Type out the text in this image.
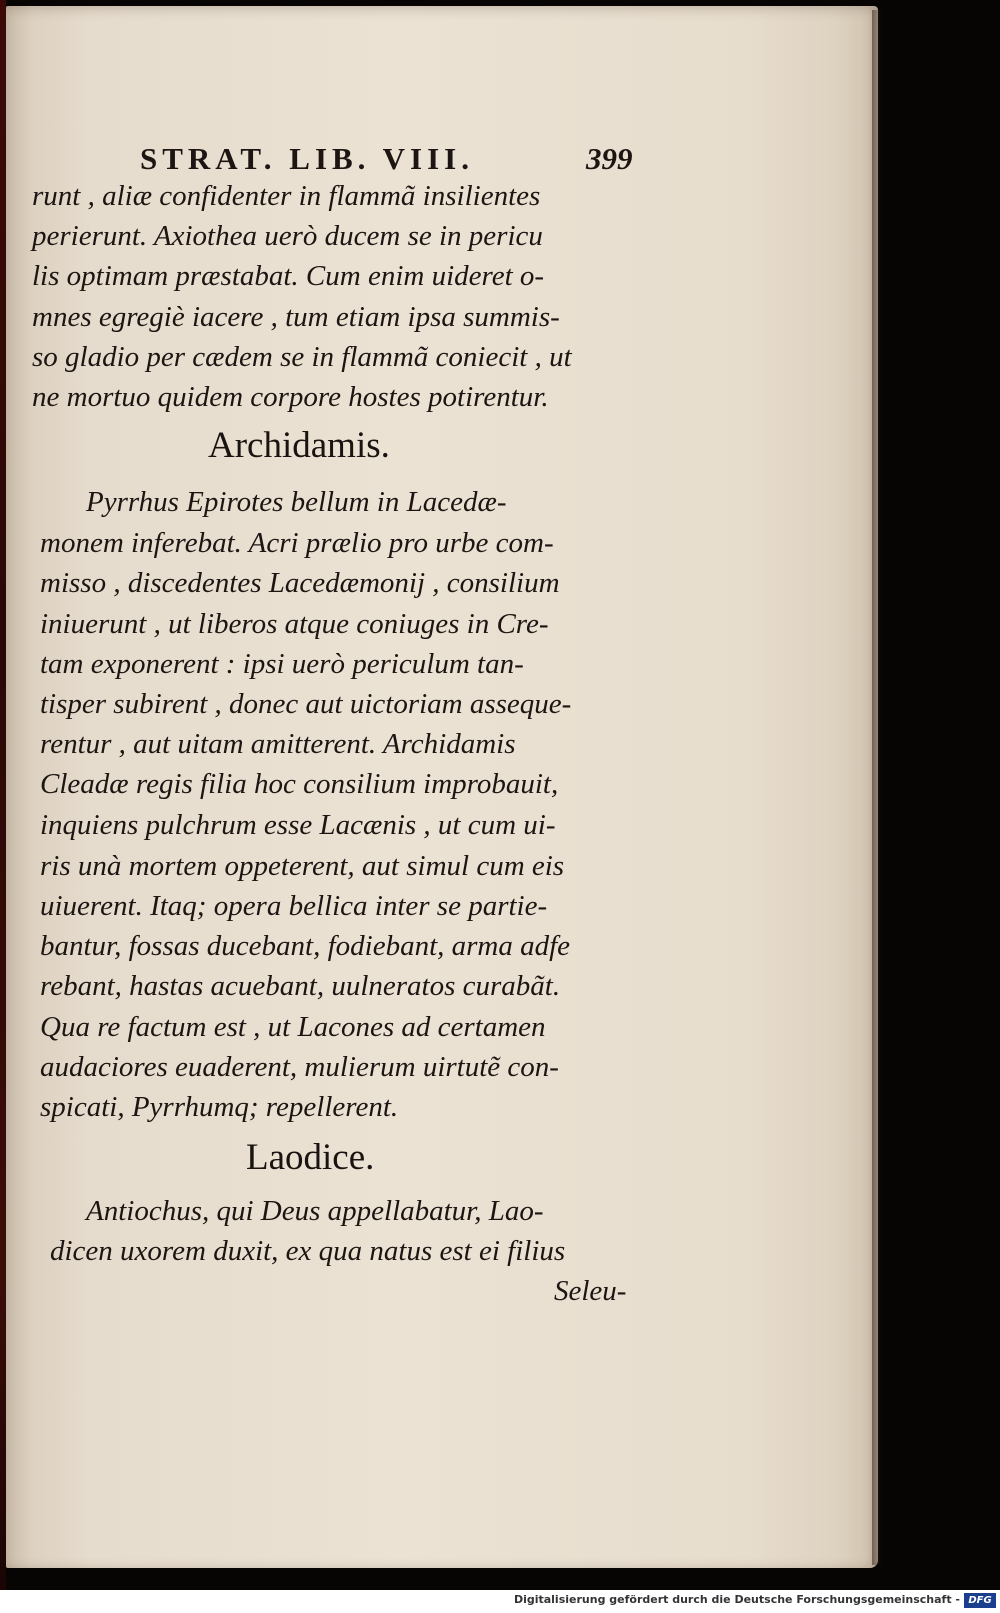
STRAT. LIB. VIII.	399
runt , aliæ confidenter in flammã insilientes
perierunt. Axiothea uerò ducem se in pericu
lis optimam præstabat. Cum enim uideret o-
mnes egregiè iacere , tum etiam ipsa summis-
so gladio per cædem se in flammã coniecit , ut
ne mortuo quidem corpore hostes potirentur.
Archidamis.
Pyrrhus Epirotes bellum in Lacedæ-
monem inferebat. Acri prælio pro urbe com-
misso , discedentes Lacedæmonij , consilium
iniuerunt , ut liberos atque coniuges in Cre-
tam exponerent : ipsi uerò periculum tan-
tisper subirent , donec aut uictoriam asseque-
rentur , aut uitam amitterent. Archidamis
Cleadæ regis filia hoc consilium improbauit,
inquiens pulchrum esse Lacænis , ut cum ui-
ris unà mortem oppeterent, aut simul cum eis
uiuerent. Itaq; opera bellica inter se partie-
bantur, fossas ducebant, fodiebant, arma adfe
rebant, hastas acuebant, uulneratos curabãt.
Qua re factum est , ut Lacones ad certamen
audaciores euaderent, mulierum uirtutẽ con-
spicati, Pyrrhumq; repellerent.
Laodice.
Antiochus, qui Deus appellabatur, Lao-
dicen uxorem duxit, ex qua natus est ei filius
Seleu-
Digitalisierung gefördert durch die Deutsche Forschungsgemeinschaft - DFG
